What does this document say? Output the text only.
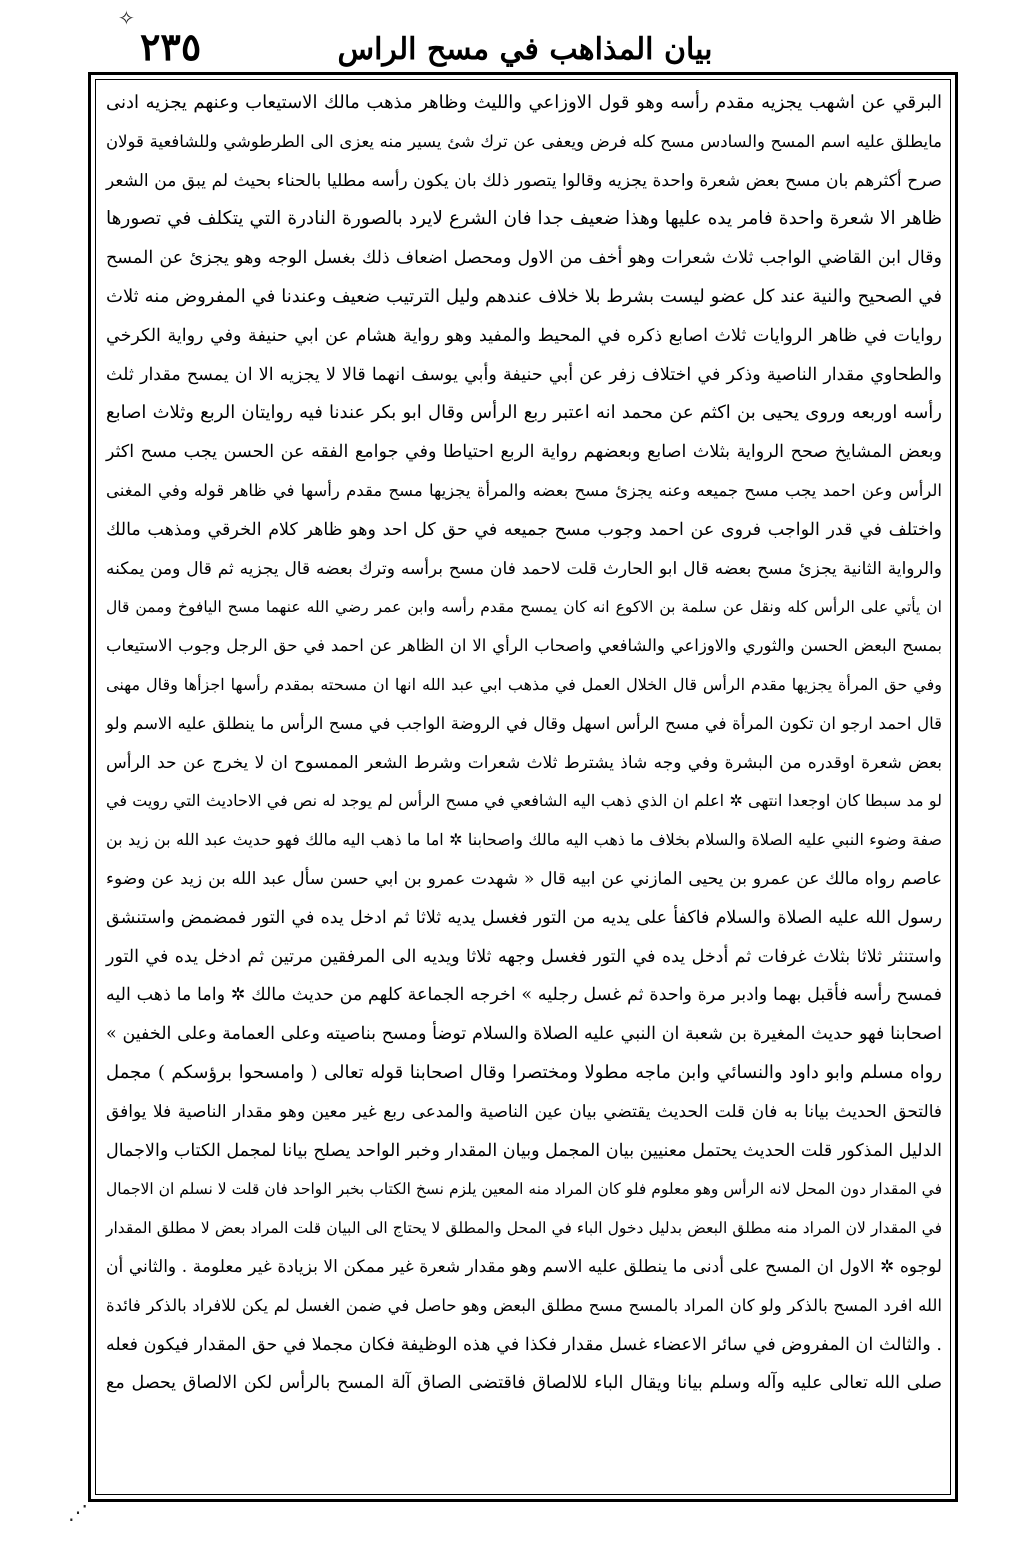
٢٣٥	بيان المذاهب في مسح الراس
البرقي عن اشهب يجزيه مقدم رأسه وهو قول الاوزاعي والليث وظاهر مذهب مالك الاستيعاب وعنهم يجزيه ادنى
مايطلق عليه اسم المسح والسادس مسح كله فرض ويعفى عن ترك شئ يسير منه يعزى الى الطرطوشي وللشافعية قولان
صرح أكثرهم بان مسح بعض شعرة واحدة يجزيه وقالوا يتصور ذلك بان يكون رأسه مطليا بالحناء بحيث لم يبق من الشعر
ظاهر الا شعرة واحدة فامر يده عليها وهذا ضعيف جدا فان الشرع لايرد بالصورة النادرة التي يتكلف في تصورها
وقال ابن القاضي الواجب ثلاث شعرات وهو أخف من الاول ومحصل اضعاف ذلك بغسل الوجه وهو يجزئ عن المسح
في الصحيح والنية عند كل عضو ليست بشرط بلا خلاف عندهم وليل الترتيب ضعيف وعندنا في المفروض منه ثلاث
روايات في ظاهر الروايات ثلاث اصابع ذكره في المحيط والمفيد وهو رواية هشام عن ابي حنيفة وفي رواية الكرخي
والطحاوي مقدار الناصية وذكر في اختلاف زفر عن أبي حنيفة وأبي يوسف انهما قالا لا يجزيه الا ان يمسح مقدار ثلث
رأسه اوربعه وروى يحيى بن اكثم عن محمد انه اعتبر ربع الرأس وقال ابو بكر عندنا فيه روايتان الربع وثلاث اصابع
وبعض المشايخ صحح الرواية بثلاث اصابع وبعضهم رواية الربع احتياطا وفي جوامع الفقه عن الحسن يجب مسح اكثر
الرأس وعن احمد يجب مسح جميعه وعنه يجزئ مسح بعضه والمرأة يجزيها مسح مقدم رأسها في ظاهر قوله وفي المغنى
واختلف في قدر الواجب فروى عن احمد وجوب مسح جميعه في حق كل احد وهو ظاهر كلام الخرقي ومذهب مالك
والرواية الثانية يجزئ مسح بعضه قال ابو الحارث قلت لاحمد فان مسح برأسه وترك بعضه قال يجزيه ثم قال ومن يمكنه
ان يأتي على الرأس كله ونقل عن سلمة بن الاكوع انه كان يمسح مقدم رأسه وابن عمر رضي الله عنهما مسح اليافوخ وممن قال
بمسح البعض الحسن والثوري والاوزاعي والشافعي واصحاب الرأي الا ان الظاهر عن احمد في حق الرجل وجوب الاستيعاب
وفي حق المرأة يجزيها مقدم الرأس قال الخلال العمل في مذهب ابي عبد الله انها ان مسحته بمقدم رأسها اجزأها وقال مهنى
قال احمد ارجو ان تكون المرأة في مسح الرأس اسهل وقال في الروضة الواجب في مسح الرأس ما ينطلق عليه الاسم ولو
بعض شعرة اوقدره من البشرة وفي وجه شاذ يشترط ثلاث شعرات وشرط الشعر الممسوح ان لا يخرج عن حد الرأس
لو مد سبطا كان اوجعدا انتهى ✲ اعلم ان الذي ذهب اليه الشافعي في مسح الرأس لم يوجد له نص في الاحاديث التي رويت في
صفة وضوء النبي عليه الصلاة والسلام بخلاف ما ذهب اليه مالك واصحابنا ✲ اما ما ذهب اليه مالك فهو حديث عبد الله بن زيد بن
عاصم رواه مالك عن عمرو بن يحيى المازني عن ابيه قال « شهدت عمرو بن ابي حسن سأل عبد الله بن زيد عن وضوء
رسول الله عليه الصلاة والسلام فاكفأ على يديه من التور فغسل يديه ثلاثا ثم ادخل يده في التور فمضمض واستنشق
واستنثر ثلاثا بثلاث غرفات ثم أدخل يده في التور فغسل وجهه ثلاثا ويديه الى المرفقين مرتين ثم ادخل يده في التور
فمسح رأسه فأقبل بهما وادبر مرة واحدة ثم غسل رجليه » اخرجه الجماعة كلهم من حديث مالك ✲ واما ما ذهب اليه
اصحابنا فهو حديث المغيرة بن شعبة ان النبي عليه الصلاة والسلام توضأ ومسح بناصيته وعلى العمامة وعلى الخفين »
رواه مسلم وابو داود والنسائي وابن ماجه مطولا ومختصرا وقال اصحابنا قوله تعالى ( وامسحوا برؤسكم ) مجمل
فالتحق الحديث بيانا به فان قلت الحديث يقتضي بيان عين الناصية والمدعى ربع غير معين وهو مقدار الناصية فلا يوافق
الدليل المذكور قلت الحديث يحتمل معنيين بيان المجمل وبيان المقدار وخبر الواحد يصلح بيانا لمجمل الكتاب والاجمال
في المقدار دون المحل لانه الرأس وهو معلوم فلو كان المراد منه المعين يلزم نسخ الكتاب بخبر الواحد فان قلت لا نسلم ان الاجمال
في المقدار لان المراد منه مطلق البعض بدليل دخول الباء في المحل والمطلق لا يحتاج الى البيان قلت المراد بعض لا مطلق المقدار
لوجوه ✲ الاول ان المسح على أدنى ما ينطلق عليه الاسم وهو مقدار شعرة غير ممكن الا بزيادة غير معلومة . والثاني أن
الله افرد المسح بالذكر ولو كان المراد بالمسح مسح مطلق البعض وهو حاصل في ضمن الغسل لم يكن للافراد بالذكر فائدة
. والثالث ان المفروض في سائر الاعضاء غسل مقدار فكذا في هذه الوظيفة فكان مجملا في حق المقدار فيكون فعله
صلى الله تعالى عليه وآله وسلم بيانا ويقال الباء للالصاق فاقتضى الصاق آلة المسح بالرأس لكن الالصاق يحصل مع
✧
⋰
